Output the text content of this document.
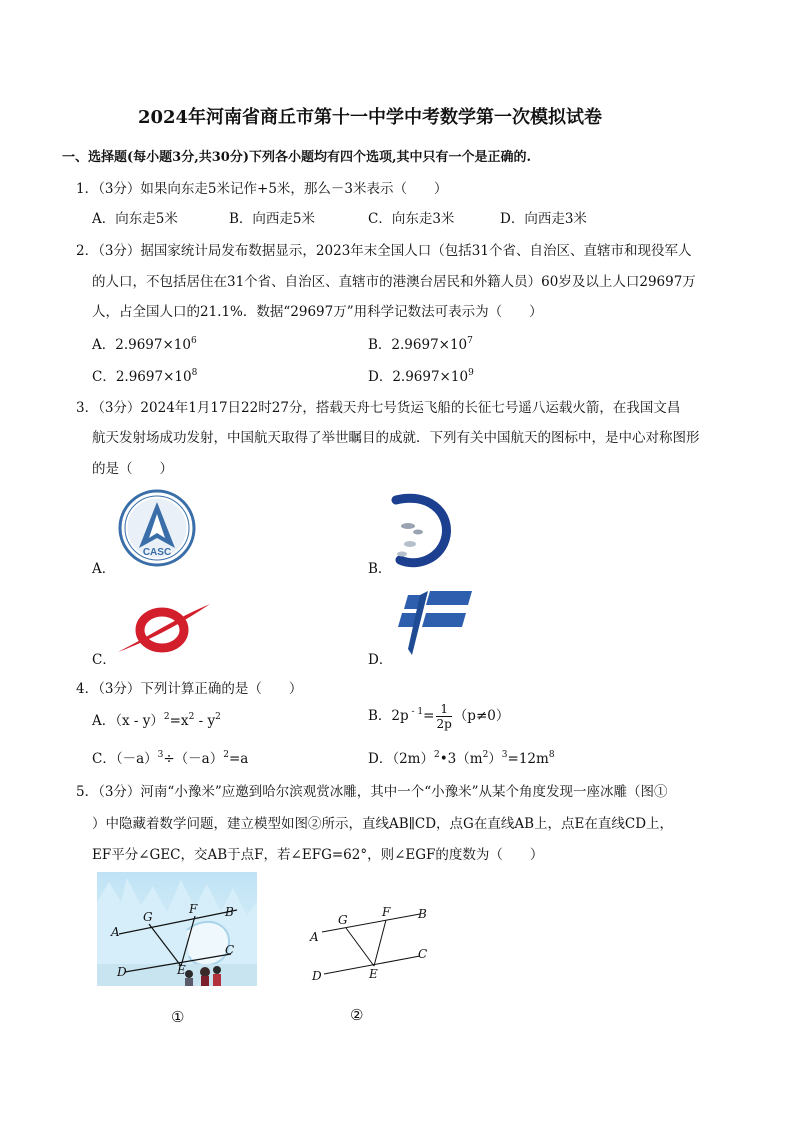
2024年河南省商丘市第十一中学中考数学第一次模拟试卷
一、选择题(每小题3分,共30分)下列各小题均有四个选项,其中只有一个是正确的.
1．（3分）如果向东走5米记作+5米，那么－3米表示（　　）
A．向东走5米	B．向西走5米	C．向东走3米	D．向西走3米
2．（3分）据国家统计局发布数据显示，2023年末全国人口（包括31个省、自治区、直辖市和现役军人
的人口，不包括居住在31个省、自治区、直辖市的港澳台居民和外籍人员）60岁及以上人口29697万
人，占全国人口的21.1%．数据“29697万”用科学记数法可表示为（　　）
A．$2.9697\times 10^6$	B．$2.9697\times 10^7$
C．$2.9697\times 10^8$	D．$2.9697\times 10^9$
3．（3分）2024年1月17日22时27分，搭载天舟七号货运飞船的长征七号遥八运载火箭，在我国文昌
航天发射场成功发射，中国航天取得了举世瞩目的成就．下列有关中国航天的图标中，是中心对称图形
的是（　　）
A．	B．
C．	D．
CASC
4．（3分）下列计算正确的是（　　）
A．$(x - y)^2=x^2 - y^2$	B．2p $^{- 1}= \frac{1}{2p} (p\ne 0)$
C．$(-a)^3\div(-a)^2=a$	D．$(2m)^2•3(m^2)^3=12m^8$
5．（3分）河南“小豫米”应邀到哈尔滨观赏冰雕，其中一个“小豫米”从某个角度发现一座冰雕（图①
）中隐藏着数学问题，建立模型如图②所示，直线AB∥CD，点G在直线AB上，点E在直线CD上，
EF平分∠GEC，交AB于点F，若∠EFG=62°，则∠EGF的度数为（　　）
A
G
F B
C
D	E
①
A
G
F B
C
D	E
②
